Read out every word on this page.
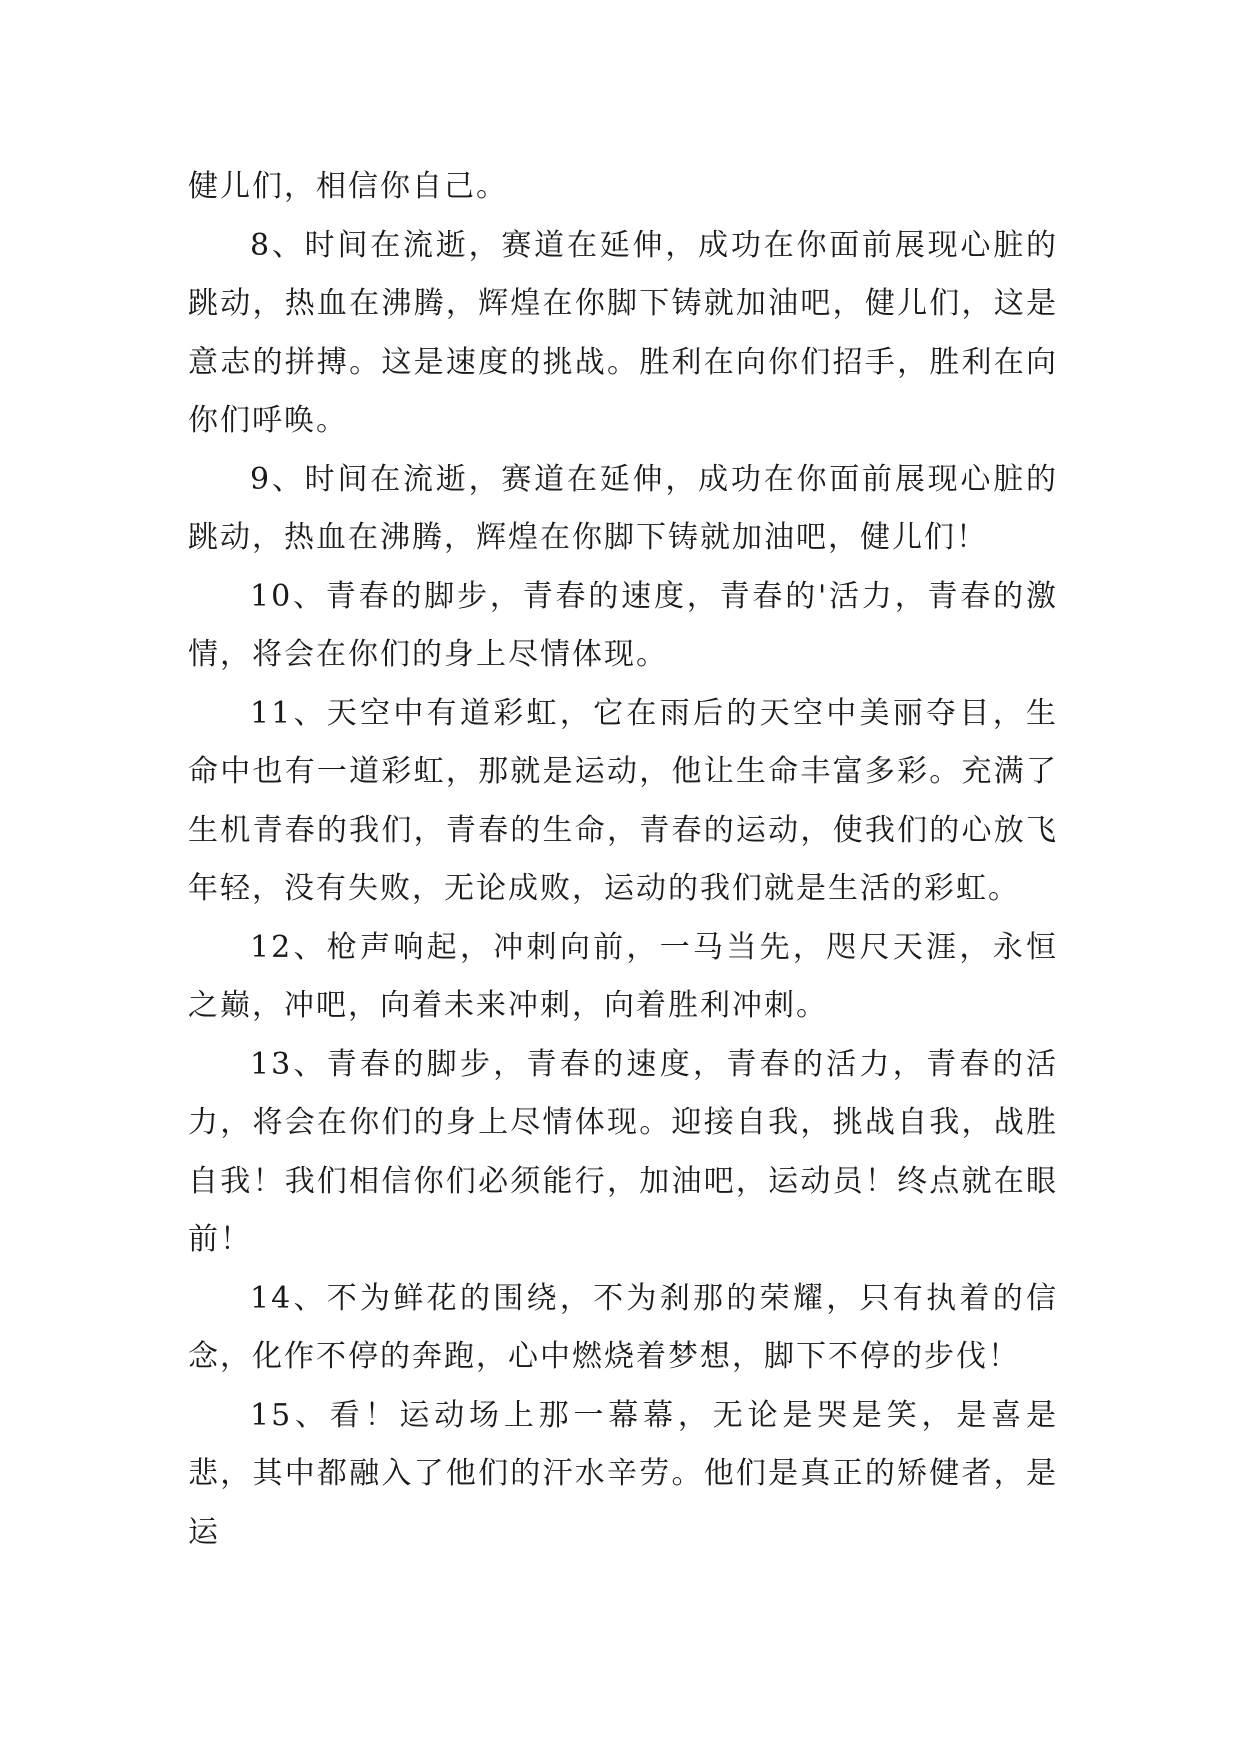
健儿们，相信你自己。

8、时间在流逝，赛道在延伸，成功在你面前展现心脏的跳动，热血在沸腾，辉煌在你脚下铸就加油吧，健儿们，这是意志的拼搏。这是速度的挑战。胜利在向你们招手，胜利在向你们呼唤。

9、时间在流逝，赛道在延伸，成功在你面前展现心脏的跳动，热血在沸腾，辉煌在你脚下铸就加油吧，健儿们！

10、青春的脚步，青春的速度，青春的'活力，青春的激情，将会在你们的身上尽情体现。

11、天空中有道彩虹，它在雨后的天空中美丽夺目，生命中也有一道彩虹，那就是运动，他让生命丰富多彩。充满了生机青春的我们，青春的生命，青春的运动，使我们的心放飞年轻，没有失败，无论成败，运动的我们就是生活的彩虹。

12、枪声响起，冲刺向前，一马当先，咫尺天涯，永恒之巅，冲吧，向着未来冲刺，向着胜利冲刺。

13、青春的脚步，青春的速度，青春的活力，青春的活力，将会在你们的身上尽情体现。迎接自我，挑战自我，战胜自我！我们相信你们必须能行，加油吧，运动员！终点就在眼前！

14、不为鲜花的围绕，不为刹那的荣耀，只有执着的信念，化作不停的奔跑，心中燃烧着梦想，脚下不停的步伐！

15、看！运动场上那一幕幕，无论是哭是笑，是喜是悲，其中都融入了他们的汗水辛劳。他们是真正的矫健者，是运
